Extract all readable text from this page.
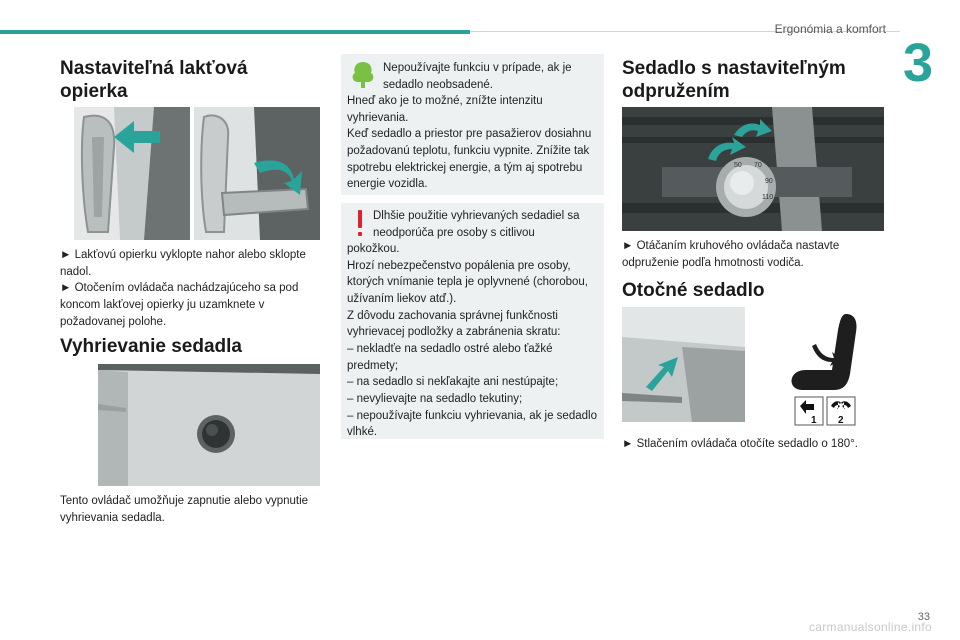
Ergonómia a komfort
3
Nastaviteľná lakťová
opierka

► Lakťovú opierku vyklopte nahor alebo sklopte nadol.

► Otočením ovládača nachádzajúceho sa pod koncom lakťovej opierky ju uzamknete v požadovanej polohe.

Vyhrievanie sedadla

Tento ovládač umožňuje zapnutie alebo vypnutie vyhrievania sedadla.

Nepoužívajte funkciu v prípade, ak je
sedadlo neobsadené.
Hneď ako je to možné, znížte intenzitu vyhrievania.
Keď sedadlo a priestor pre pasažierov dosiahnu požadovanú teplotu, funkciu vypnite. Znížite tak spotrebu elektrickej energie, a tým aj spotrebu energie vozidla.
Dlhšie použitie vyhrievaných sedadiel sa
neodporúča pre osoby s citlivou
pokožkou.
Hrozí nebezpečenstvo popálenia pre osoby, ktorých vnímanie tepla je oplyvnené (chorobou, užívaním liekov atď.).
Z dôvodu zachovania správnej funkčnosti vyhrievacej podložky a zabránenia skratu:
– nekladťe na sedadlo ostré alebo ťažké predmety;
– na sedadlo si nekľakajte ani nestúpajte;
– nevylievajte na sedadlo tekutiny;
– nepoužívajte funkciu vyhrievania, ak je sedadlo vlhké.
Sedadlo s nastaviteľným
odpružením
50 70
90
110

► Otáčaním kruhového ovládača nastavte odpruženie podľa hmotnosti vodiča.

Otočné sedadlo
1 2

► Stlačením ovládača otočíte sedadlo o 180°.

33
carmanualsonline.info
